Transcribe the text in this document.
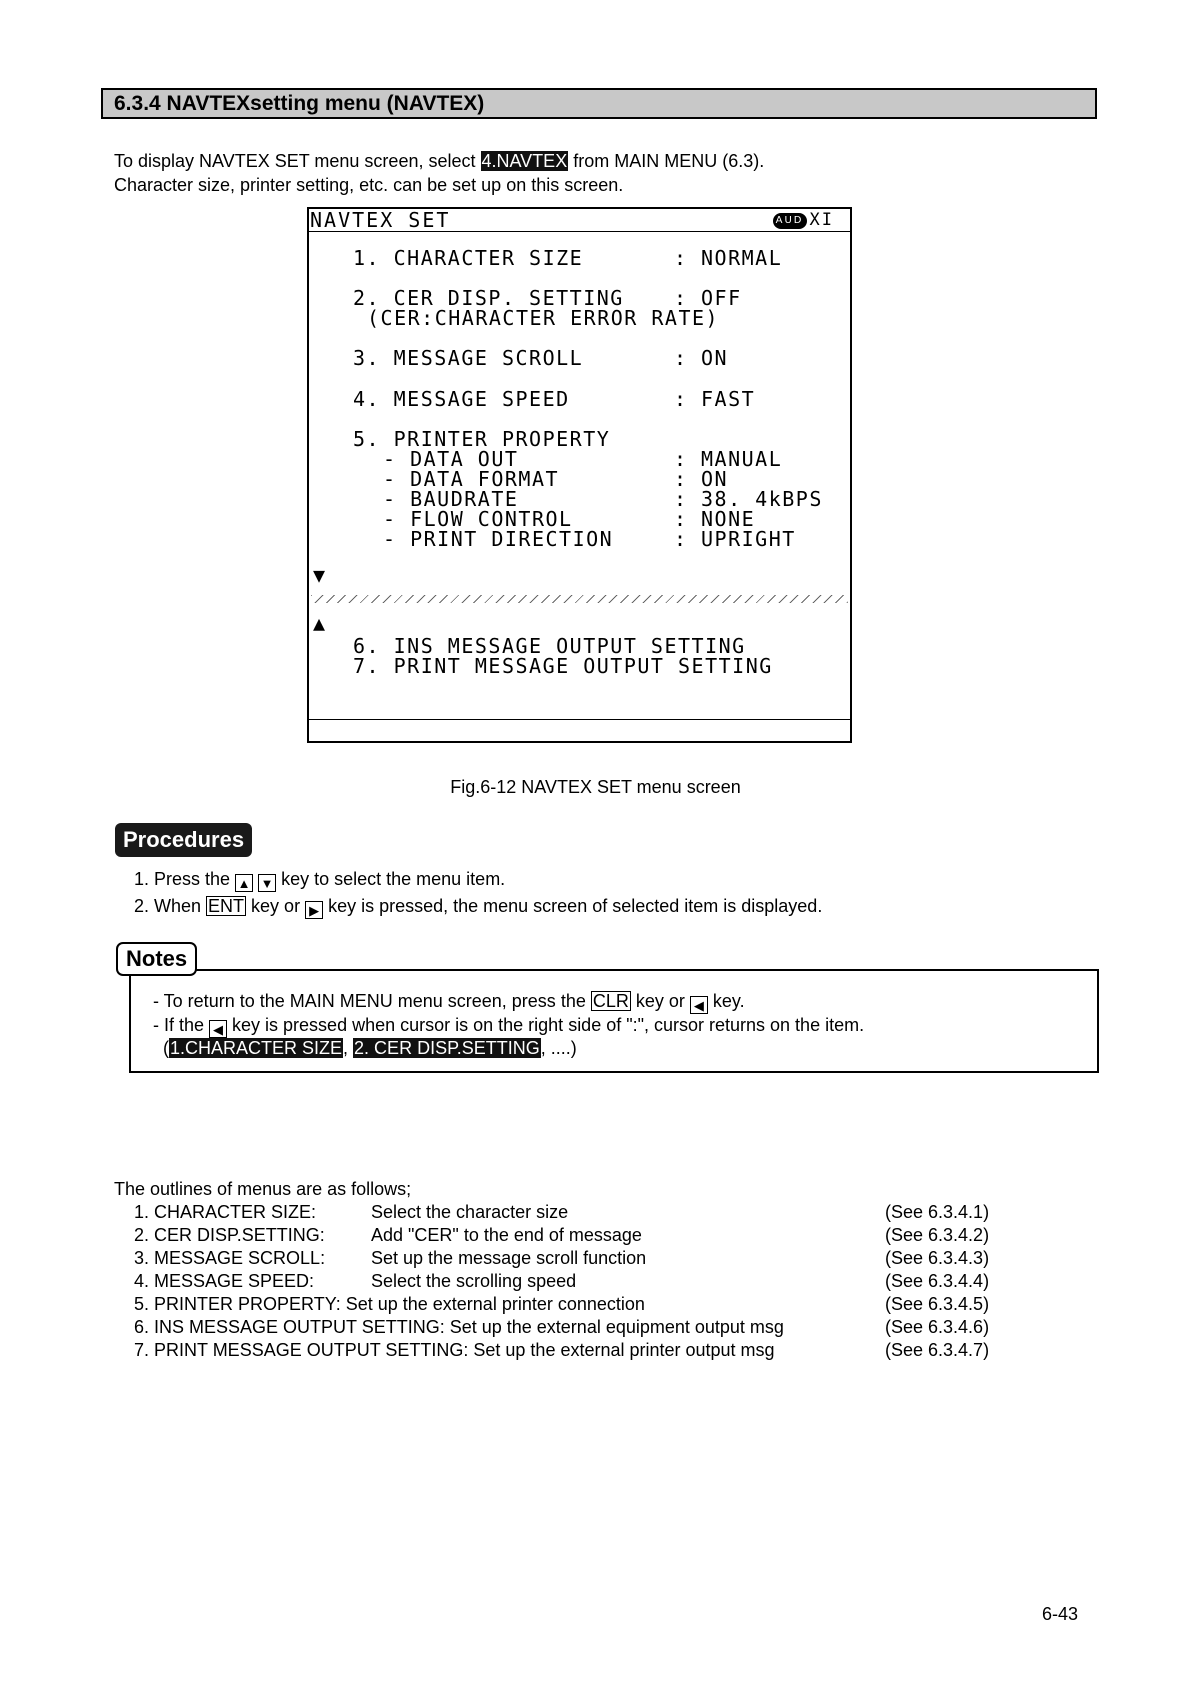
6.3.4 NAVTEXsetting menu (NAVTEX)
To display NAVTEX SET menu screen, select 4.NAVTEX from MAIN MENU (6.3).
Character size, printer setting, etc. can be set up on this screen.
NAVTEX SET	AUD XI
1. CHARACTER SIZE	: NORMAL
2. CER DISP. SETTING	: OFF
(CER:CHARACTER ERROR RATE)
3. MESSAGE SCROLL	: ON
4. MESSAGE SPEED	: FAST
5. PRINTER PROPERTY
- DATA OUT	: MANUAL
- DATA FORMAT	: ON
- BAUDRATE	: 38. 4kBPS
- FLOW CONTROL	: NONE
- PRINT DIRECTION	: UPRIGHT
▼
▲
6. INS MESSAGE OUTPUT SETTING
7. PRINT MESSAGE OUTPUT SETTING
Fig.6-12 NAVTEX SET menu screen
Procedures
1. Press the ▲ ▼ key to select the menu item.
2. When ENT key or ▶ key is pressed, the menu screen of selected item is displayed.
Notes
- To return to the MAIN MENU menu screen, press the CLR key or ◀ key.
- If the ◀ key is pressed when cursor is on the right side of ":", cursor returns on the item.
(1.CHARACTER SIZE, 2. CER DISP.SETTING, ....)
The outlines of menus are as follows;
1. CHARACTER SIZE:	Select the character size	(See 6.3.4.1)
2. CER DISP.SETTING:	Add "CER" to the end of message	(See 6.3.4.2)
3. MESSAGE SCROLL:	Set up the message scroll function	(See 6.3.4.3)
4. MESSAGE SPEED:	Select the scrolling speed	(See 6.3.4.4)
5. PRINTER PROPERTY: Set up the external printer connection	(See 6.3.4.5)
6. INS MESSAGE OUTPUT SETTING: Set up the external equipment output msg	(See 6.3.4.6)
7. PRINT MESSAGE OUTPUT SETTING: Set up the external printer output msg	(See 6.3.4.7)
6-43
